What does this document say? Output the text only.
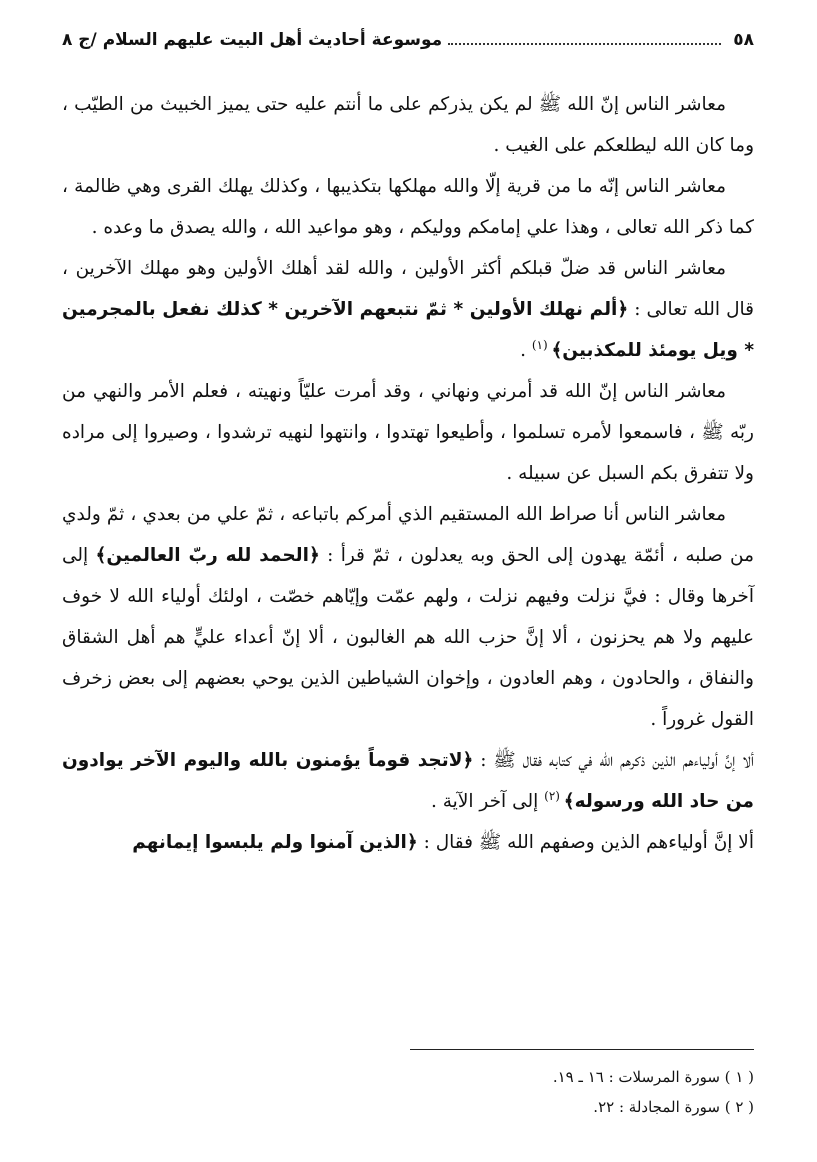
٥٨
موسوعة أحاديث أهل البيت عليهم السلام /ج ٨

معاشر الناس إنّ الله ﷺ لم يكن يذركم على ما أنتم عليه حتى يميز الخبيث من الطيّب ، وما كان الله ليطلعكم على الغيب .

معاشر الناس إنّه ما من قرية إلّا والله مهلكها بتكذيبها ، وكذلك يهلك القرى وهي ظالمة ، كما ذكر الله تعالى ، وهذا علي إمامكم ووليكم ، وهو مواعيد الله ، والله يصدق ما وعده .

معاشر الناس قد ضلّ قبلكم أكثر الأولين ، والله لقد أهلك الأولين وهو مهلك الآخرين ، قال الله تعالى : ﴿ألم نهلك الأولين * ثمّ نتبعهم الآخرين * كذلك نفعل بالمجرمين * ويل يومئذ للمكذبين﴾ $^{(١)}$ .

معاشر الناس إنّ الله قد أمرني ونهاني ، وقد أمرت عليّاً ونهيته ، فعلم الأمر والنهي من ربّه ﷺ ، فاسمعوا لأمره تسلموا ، وأطيعوا تهتدوا ، وانتهوا لنهيه ترشدوا ، وصيروا إلى مراده ولا تتفرق بكم السبل عن سبيله .

معاشر الناس أنا صراط الله المستقيم الذي أمركم باتباعه ، ثمّ علي من بعدي ، ثمّ ولدي من صلبه ، أئمّة يهدون إلى الحق وبه يعدلون ، ثمّ قرأ : ﴿الحمد لله ربّ العالمين﴾ إلى آخرها وقال : فيَّ نزلت وفيهم نزلت ، ولهم عمّت وإيّاهم خصّت ، اولئك أولياء الله لا خوف عليهم ولا هم يحزنون ، ألا إنَّ حزب الله هم الغالبون ، ألا إنّ أعداء عليٍّ هم أهل الشقاق والنفاق ، والحادون ، وهم العادون ، وإخوان الشياطين الذين يوحي بعضهم إلى بعض زخرف القول غروراً .

ألا إنَّ أولياءهم الذين ذكرهم الله في كتابه فقال ﷺ : ﴿لاتجد قوماً يؤمنون بالله واليوم الآخر يوادون من حاد الله ورسوله﴾ $^{(٢)}$ إلى آخر الآية .

ألا إنَّ أولياءهم الذين وصفهم الله ﷺ فقال : ﴿الذين آمنوا ولم يلبسوا إيمانهم

( ١ ) سورة المرسلات : ١٦ ـ ١٩.
( ٢ ) سورة المجادلة : ٢٢.
